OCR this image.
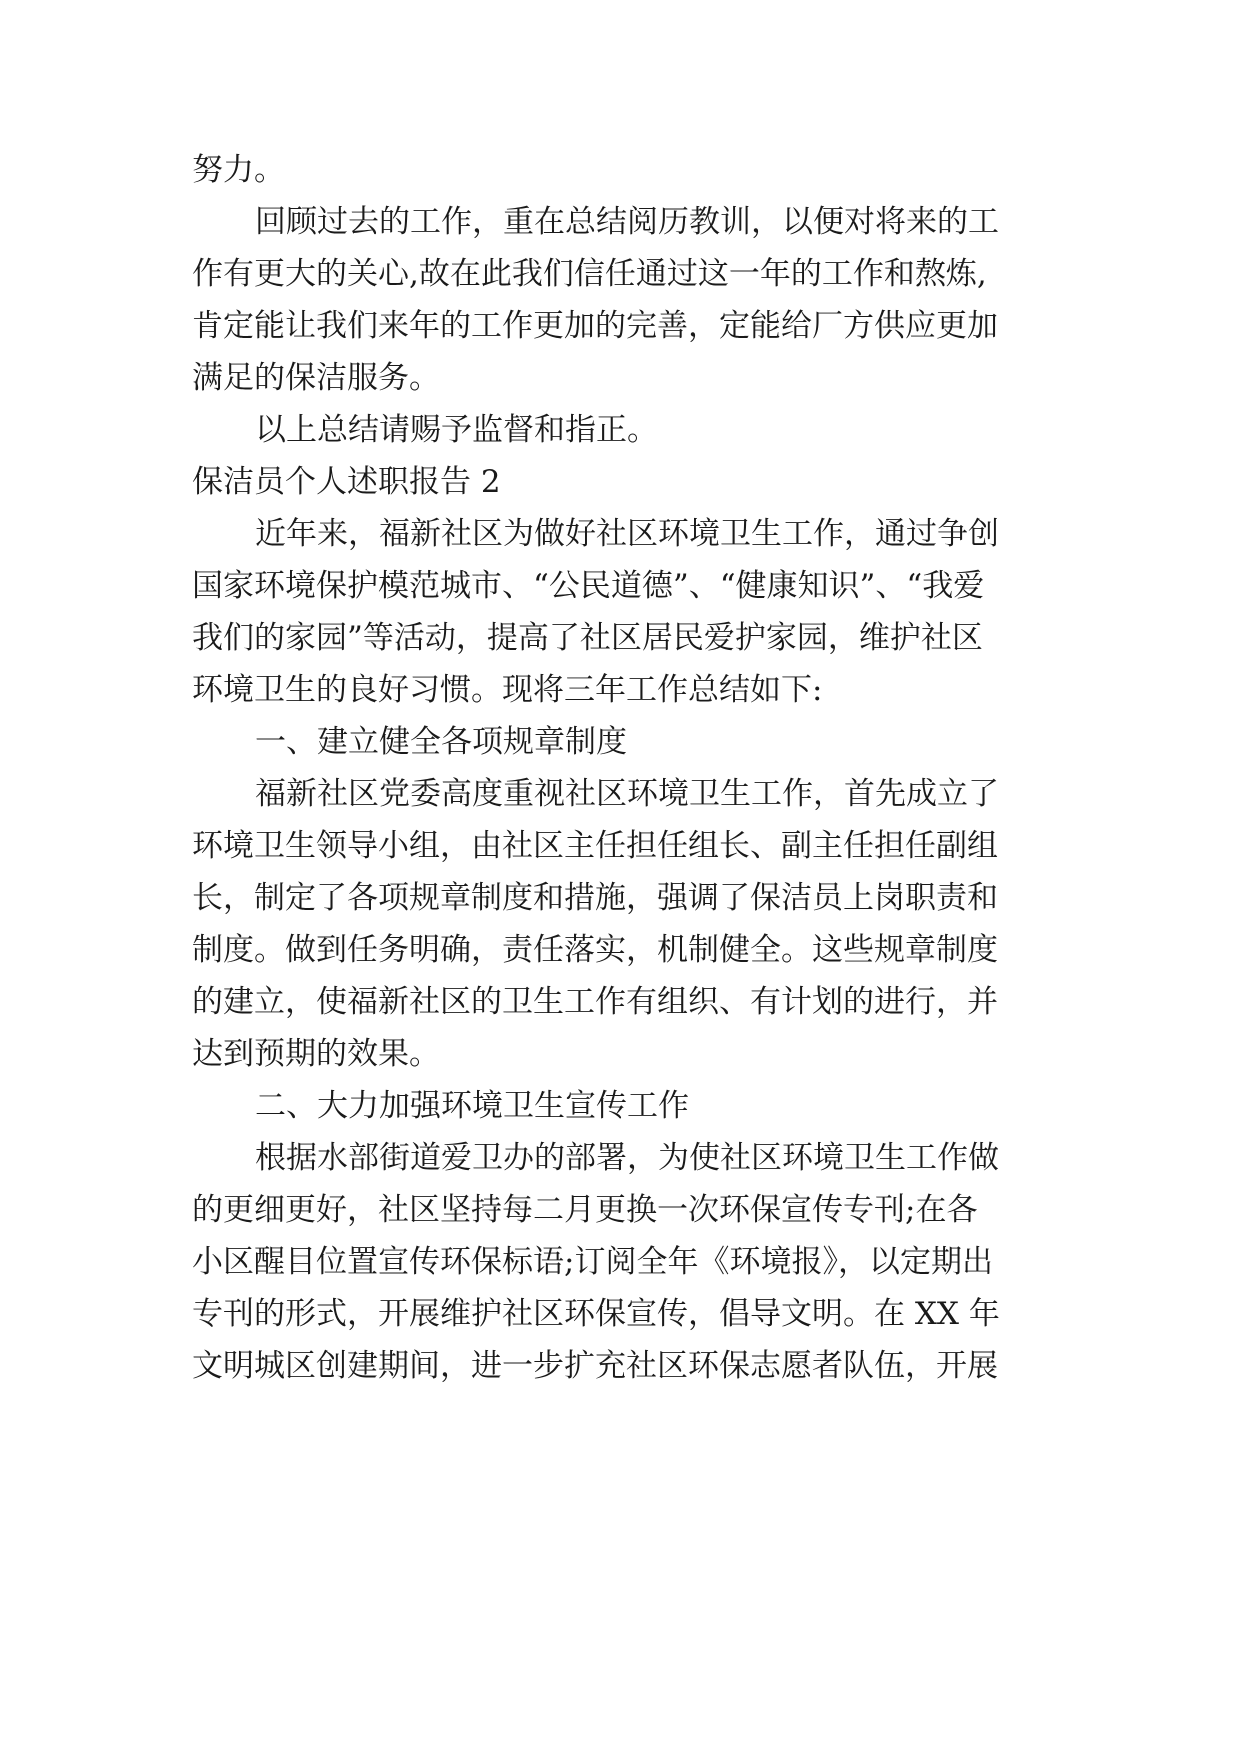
努力。
回顾过去的工作，重在总结阅历教训，以便对将来的工
作有更大的关心,故在此我们信任通过这一年的工作和熬炼,
肯定能让我们来年的工作更加的完善，定能给厂方供应更加
满足的保洁服务。
以上总结请赐予监督和指正。
保洁员个人述职报告 2
近年来，福新社区为做好社区环境卫生工作，通过争创
国家环境保护模范城市、“公民道德”、“健康知识”、“我爱
我们的家园”等活动，提高了社区居民爱护家园，维护社区
环境卫生的良好习惯。现将三年工作总结如下:
一、建立健全各项规章制度
福新社区党委高度重视社区环境卫生工作，首先成立了
环境卫生领导小组，由社区主任担任组长、副主任担任副组
长，制定了各项规章制度和措施，强调了保洁员上岗职责和
制度。做到任务明确，责任落实，机制健全。这些规章制度
的建立，使福新社区的卫生工作有组织、有计划的进行，并
达到预期的效果。
二、大力加强环境卫生宣传工作
根据水部街道爱卫办的部署，为使社区环境卫生工作做
的更细更好，社区坚持每二月更换一次环保宣传专刊;在各
小区醒目位置宣传环保标语;订阅全年《环境报》，以定期出
专刊的形式，开展维护社区环保宣传，倡导文明。在 XX 年
文明城区创建期间，进一步扩充社区环保志愿者队伍，开展
